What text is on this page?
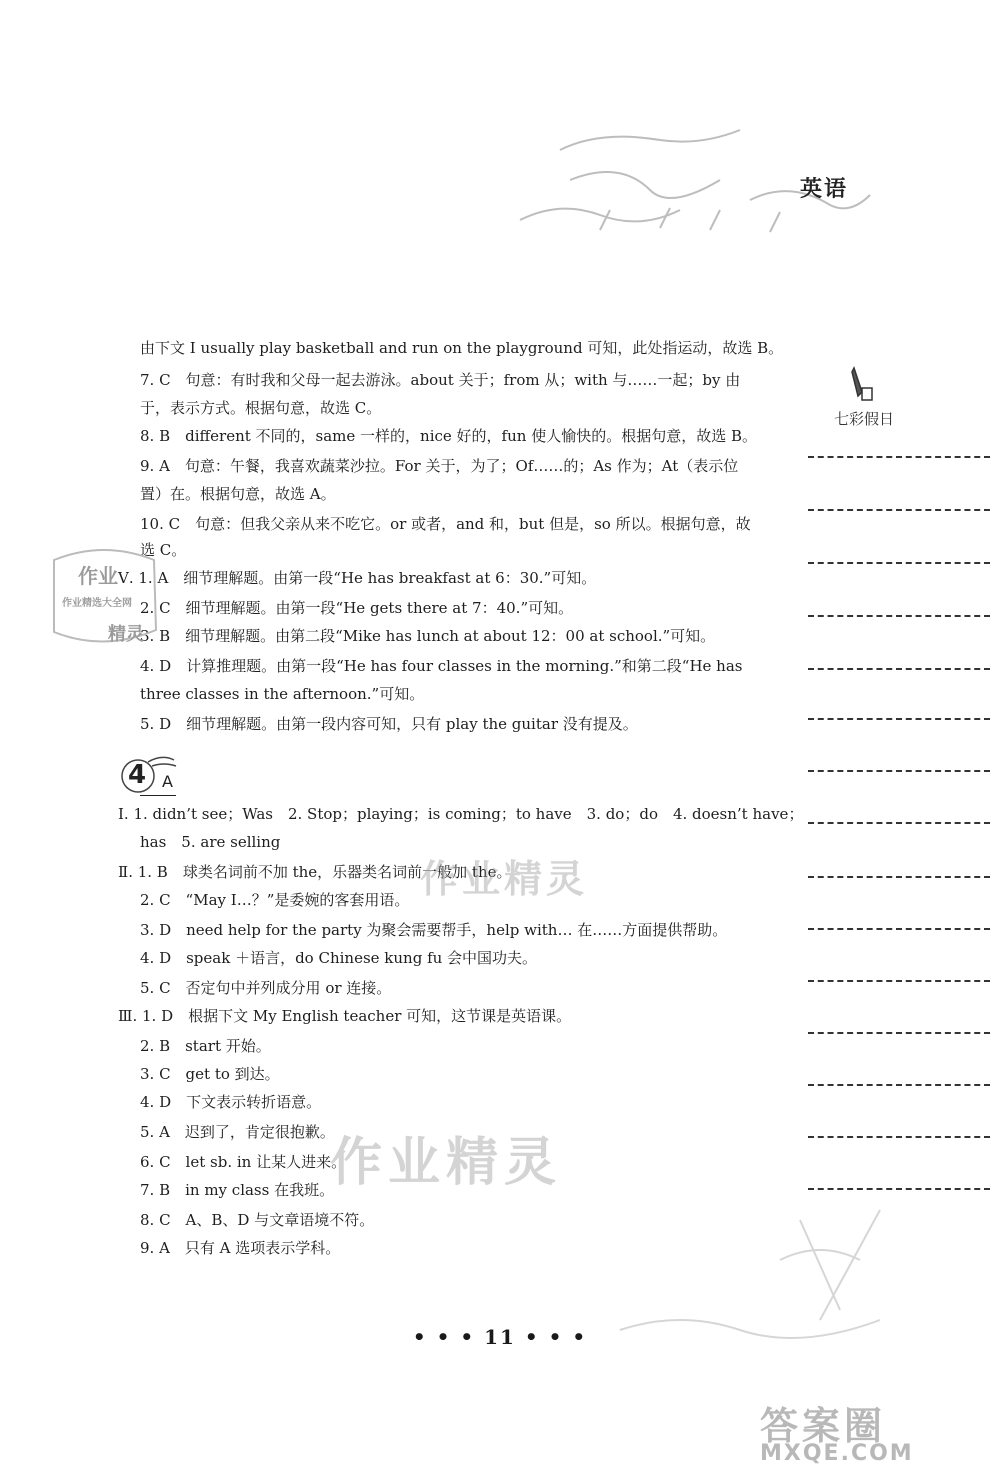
英语
七彩假日
由下文 I usually play basketball and run on the playground 可知，此处指运动，故选 B。
7. C　句意：有时我和父母一起去游泳。about 关于；from 从；with 与……一起；by 由
于，表示方式。根据句意，故选 C。
8. B　different 不同的，same 一样的，nice 好的，fun 使人愉快的。根据句意，故选 B。
9. A　句意：午餐，我喜欢蔬菜沙拉。For 关于，为了；Of……的；As 作为；At（表示位
置）在。根据句意，故选 A。
10. C　句意：但我父亲从来不吃它。or 或者，and 和，but 但是，so 所以。根据句意，故
选 C。
Ⅴ. 1. A　细节理解题。由第一段“He has breakfast at 6：30.”可知。
2. C　细节理解题。由第一段“He gets there at 7：40.”可知。
3. B　细节理解题。由第二段“Mike has lunch at about 12：00 at school.”可知。
4. D　计算推理题。由第一段“He has four classes in the morning.”和第二段“He has
three classes in the afternoon.”可知。
5. D　细节理解题。由第一段内容可知，只有 play the guitar 没有提及。
Ⅰ. 1. didn’t see；Was　2. Stop；playing；is coming；to have　3. do；do　4. doesn’t have；
has　5. are selling
Ⅱ. 1. B　球类名词前不加 the，乐器类名词前一般加 the。
2. C　“May I…？”是委婉的客套用语。
3. D　need help for the party 为聚会需要帮手，help with… 在……方面提供帮助。
4. D　speak ＋语言，do Chinese kung fu 会中国功夫。
5. C　否定句中并列成分用 or 连接。
Ⅲ. 1. D　根据下文 My English teacher 可知，这节课是英语课。
2. B　start 开始。
3. C　get to 到达。
4. D　下文表示转折语意。
5. A　迟到了，肯定很抱歉。
6. C　let sb. in 让某人进来。
7. B　in my class 在我班。
8. C　A、B、D 与文章语境不符。
9. A　只有 A 选项表示学科。
4 A
作业
作业精选大全网
精灵
作业精灵
作业精灵
• • • 11 • • •
答案圈
MXQE.COM
